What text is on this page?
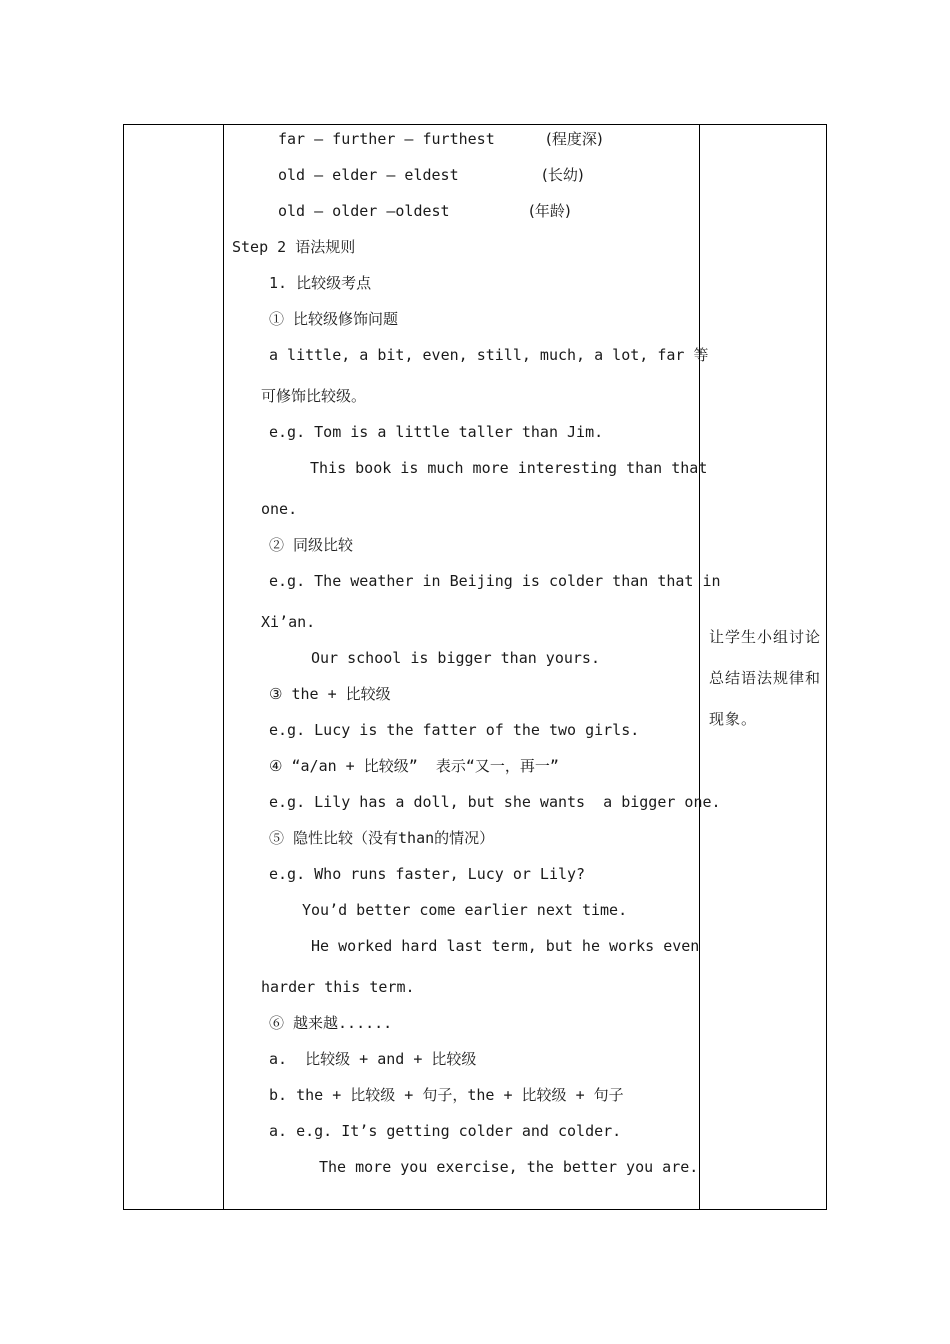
far — further — furthest	(程度深)
old — elder — eldest	(长幼)
old — older —oldest	(年龄)
Step 2 语法规则
1. 比较级考点
① 比较级修饰问题
a little, a bit, even, still, much, a lot, far 等
可修饰比较级。
e.g. Tom is a little taller than Jim.
This book is much more interesting than that
one.
② 同级比较
e.g. The weather in Beijing is colder than that in
Xi’an.
Our school is bigger than yours.
③ the + 比较级
e.g. Lucy is the fatter of the two girls.
④ “a/an + 比较级”  表示“又一，再一”
e.g. Lily has a doll, but she wants  a bigger one.
⑤ 隐性比较（没有than的情况）
e.g. Who runs faster, Lucy or Lily?
You’d better come earlier next time.
He worked hard last term, but he works even
harder this term.
⑥ 越来越......
a.  比较级 + and + 比较级
b. the + 比较级 + 句子，the + 比较级 + 句子
a. e.g. It’s getting colder and colder.
The more you exercise, the better you are.
让学生小组讨论总结语法规律和现象。
